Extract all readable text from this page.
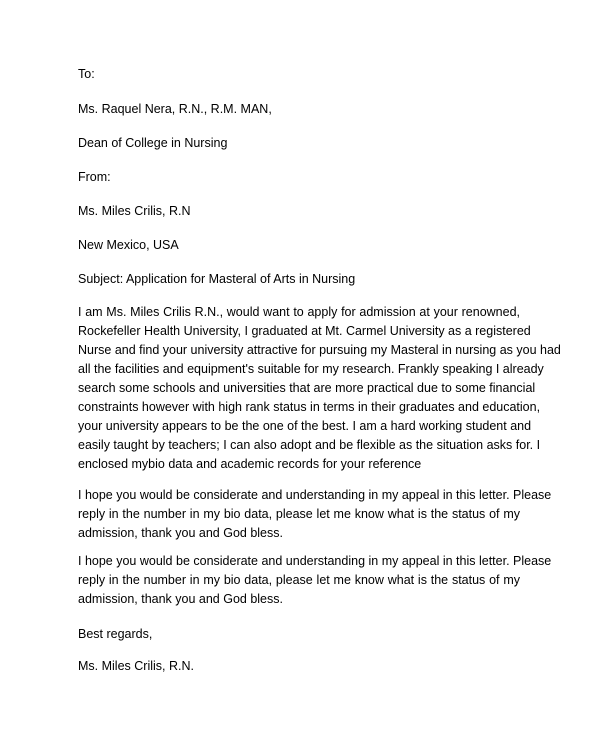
To:
Ms. Raquel Nera, R.N., R.M. MAN,
Dean of College in Nursing
From:
Ms. Miles Crilis, R.N
New Mexico, USA
Subject: Application for Masteral of Arts in Nursing
I am Ms. Miles Crilis R.N., would want to apply for admission at your renowned,
Rockefeller Health University, I graduated at Mt. Carmel University as a registered
Nurse and find your university attractive for pursuing my Masteral in nursing as you had
all the facilities and equipment's suitable for my research. Frankly speaking I already
search some schools and universities that are more practical due to some financial
constraints however with high rank status in terms in their graduates and education,
your university appears to be the one of the best. I am a hard working student and
easily taught by teachers; I can also adopt and be flexible as the situation asks for. I
enclosed mybio data and academic records for your reference
I hope you would be considerate and understanding in my appeal in this letter. Please
reply in the number in my bio data, please let me know what is the status of my
admission, thank you and God bless.
I hope you would be considerate and understanding in my appeal in this letter. Please
reply in the number in my bio data, please let me know what is the status of my
admission, thank you and God bless.
Best regards,
Ms. Miles Crilis, R.N.
